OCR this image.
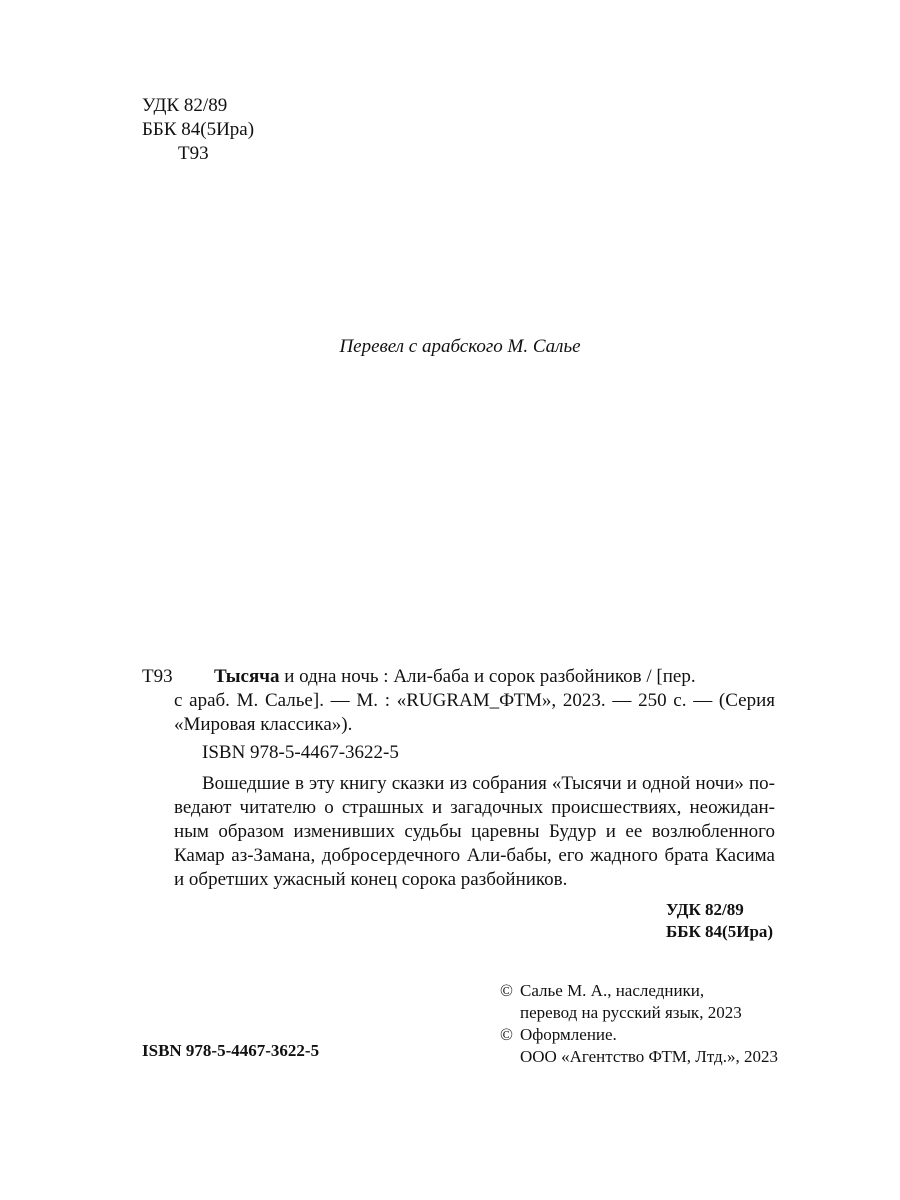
УДК 82/89
ББК 84(5Ира)
Т93
Перевел с арабского М. Салье
Т93	Тысяча и одна ночь : Али-баба и сорок разбойников / [пер.
с араб. М. Салье]. — М. : «RUGRAM_ФТМ», 2023. — 250 с. — (Серия «Мировая классика»).

ISBN 978-5-4467-3622-5

Вошедшие в эту книгу сказки из собрания «Тысячи и одной ночи» поведают читателю о страшных и загадочных происшествиях, неожиданным образом изменивших судьбы царевны Будур и ее возлюбленного Камар аз-Замана, добросердечного Али-бабы, его жадного брата Касима и обретших ужасный конец сорока разбойников.

УДК 82/89
ББК 84(5Ира)
© Салье М. А., наследники,
перевод на русский язык, 2023
© Оформление.
ООО «Агентство ФТМ, Лтд.», 2023
ISBN 978-5-4467-3622-5
